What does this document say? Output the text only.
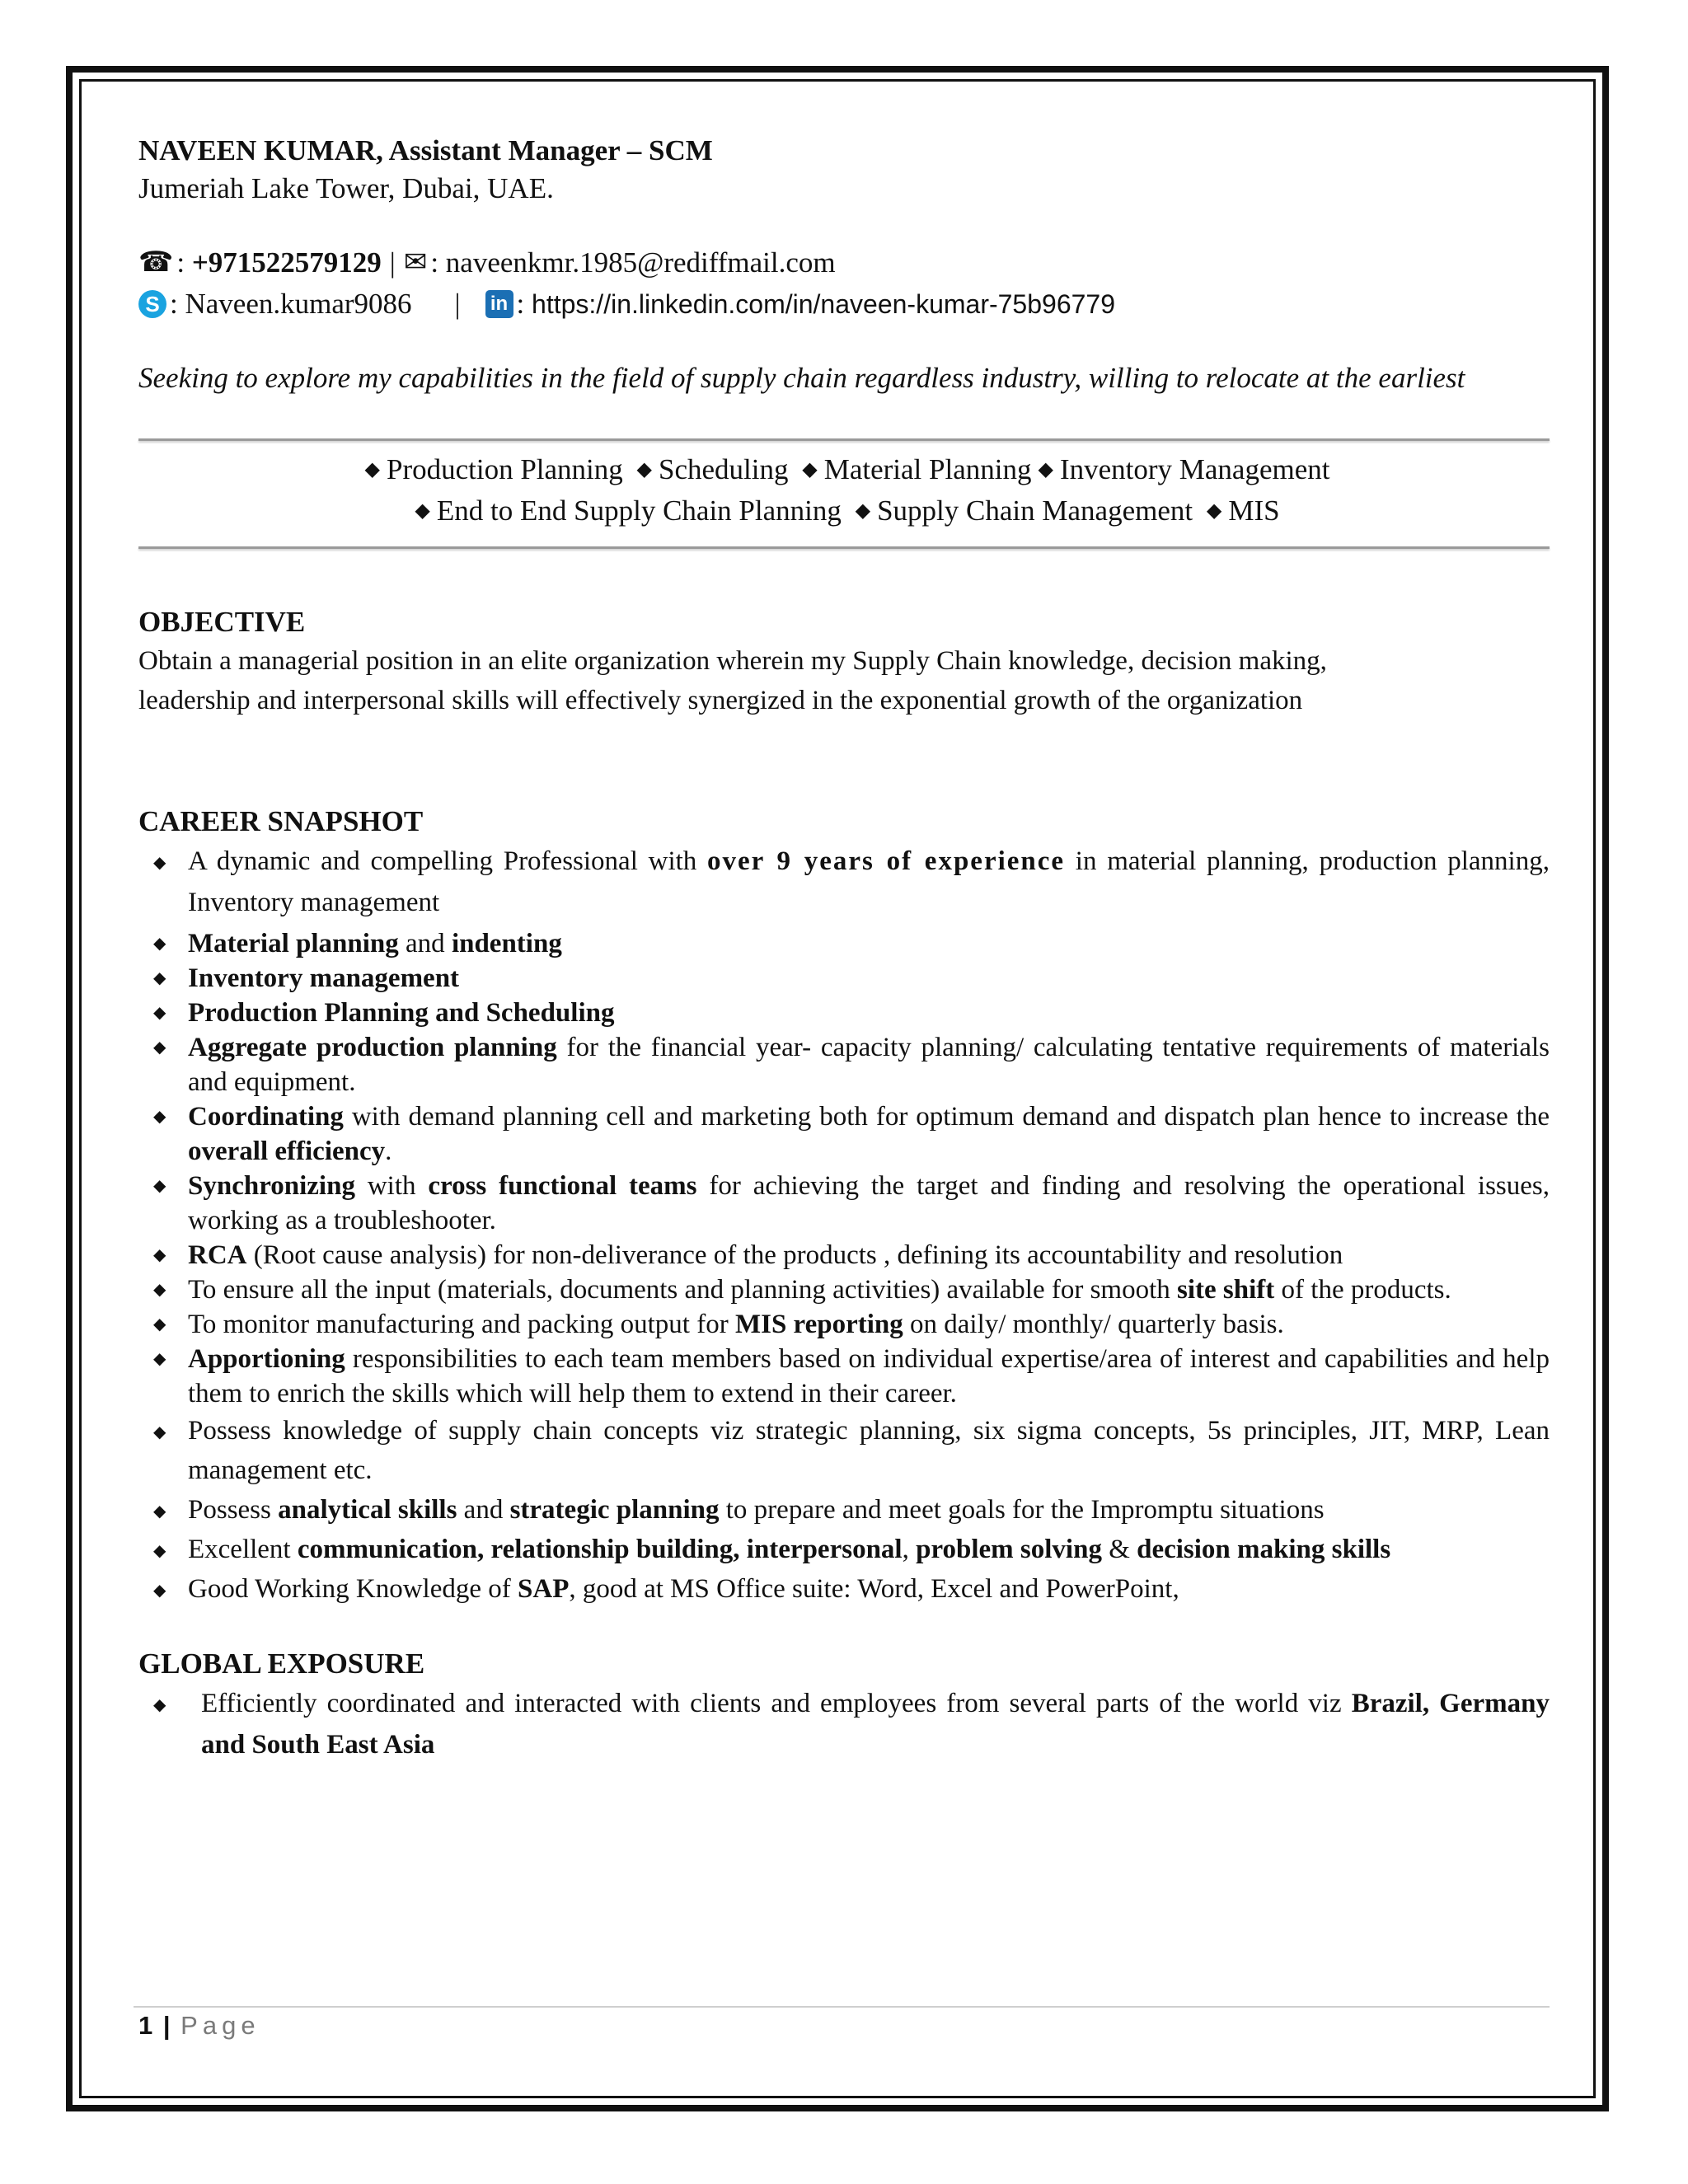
NAVEEN KUMAR, Assistant Manager – SCM
Jumeriah Lake Tower, Dubai, UAE.
☎ : +971522579129 | ✉ : naveenkmr.1985@rediffmail.com
S : Naveen.kumar9086 | in : https://in.linkedin.com/in/naveen-kumar-75b96779
Seeking to explore my capabilities in the field of supply chain regardless industry, willing to relocate at the earliest
◆ Production Planning ◆ Scheduling ◆ Material Planning ◆ Inventory Management
◆ End to End Supply Chain Planning ◆ Supply Chain Management ◆ MIS
OBJECTIVE
Obtain a managerial position in an elite organization wherein my Supply Chain knowledge, decision making,
leadership and interpersonal skills will effectively synergized in the exponential growth of the organization
CAREER SNAPSHOT
◆ A dynamic and compelling Professional with over 9 years of experience in material planning, production planning, Inventory management
◆ Material planning and indenting
◆ Inventory management
◆ Production Planning and Scheduling
◆ Aggregate production planning for the financial year- capacity planning/ calculating tentative requirements of materials and equipment.
◆ Coordinating with demand planning cell and marketing both for optimum demand and dispatch plan hence to increase the overall efficiency.
◆ Synchronizing with cross functional teams for achieving the target and finding and resolving the operational issues, working as a troubleshooter.
◆ RCA (Root cause analysis) for non-deliverance of the products , defining its accountability and resolution
◆ To ensure all the input (materials, documents and planning activities) available for smooth site shift of the products.
◆ To monitor manufacturing and packing output for MIS reporting on daily/ monthly/ quarterly basis.
◆ Apportioning responsibilities to each team members based on individual expertise/area of interest and capabilities and help them to enrich the skills which will help them to extend in their career.
◆ Possess knowledge of supply chain concepts viz strategic planning, six sigma concepts, 5s principles, JIT, MRP, Lean management etc.
◆ Possess analytical skills and strategic planning to prepare and meet goals for the Impromptu situations
◆ Excellent communication, relationship building, interpersonal, problem solving & decision making skills
◆ Good Working Knowledge of SAP, good at MS Office suite: Word, Excel and PowerPoint,
GLOBAL EXPOSURE
◆ Efficiently coordinated and interacted with clients and employees from several parts of the world viz Brazil, Germany and South East Asia
1 | Page
